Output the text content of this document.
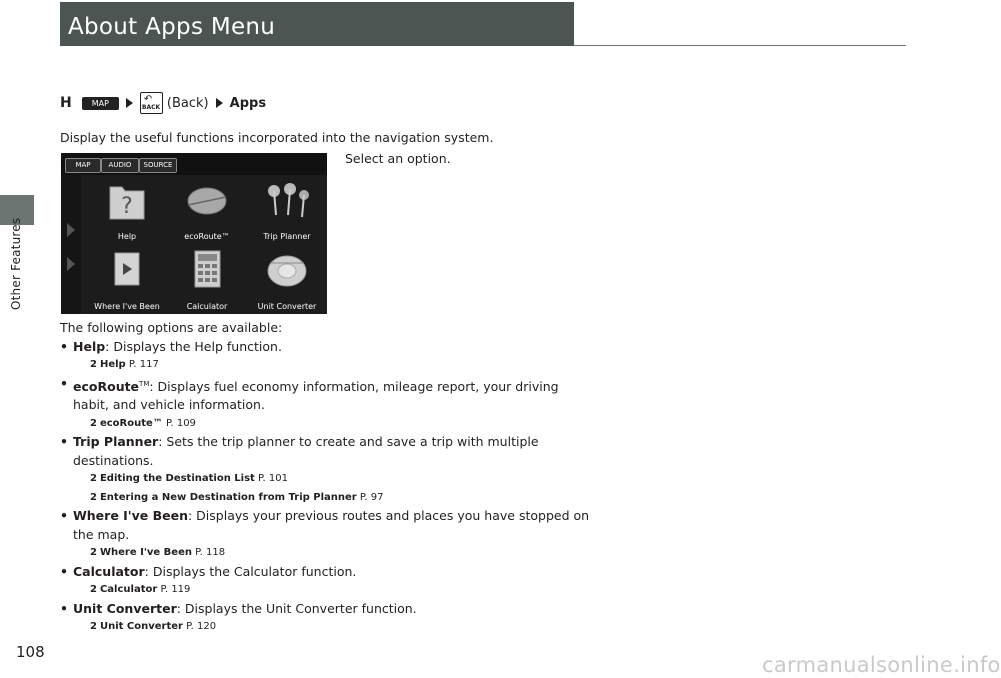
Other Features
About Apps Menu
H	MAP	↶
BACK (Back) Apps
Display the useful functions incorporated into the navigation system.
Select an option.
MAP	AUDIO	SOURCE
?
Help	ecoRoute™	Trip Planner
Where I've Been	Calculator	Unit Converter
The following options are available:
• Help: Displays the Help function.
2 Help P. 117
• ecoRoute™: Displays fuel economy information, mileage report, your driving
habit, and vehicle information.
2 ecoRoute™ P. 109
• Trip Planner: Sets the trip planner to create and save a trip with multiple
destinations.
2 Editing the Destination List P. 101
2 Entering a New Destination from Trip Planner P. 97
• Where I've Been: Displays your previous routes and places you have stopped on
the map.
2 Where I've Been P. 118
• Calculator: Displays the Calculator function.
2 Calculator P. 119
• Unit Converter: Displays the Unit Converter function.
2 Unit Converter P. 120
108
carmanualsonline.info
